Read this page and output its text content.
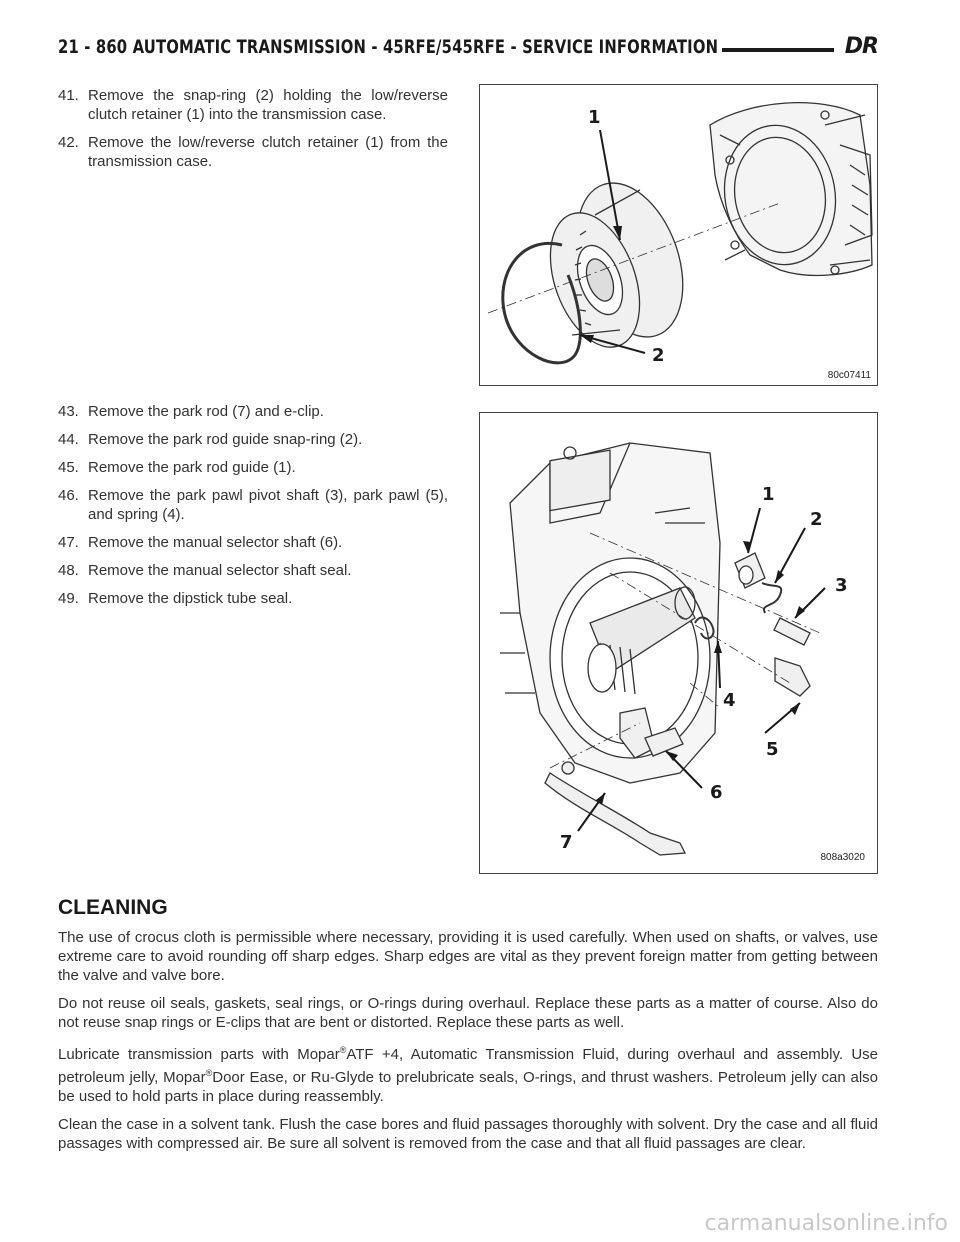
21 - 860 AUTOMATIC TRANSMISSION - 45RFE/545RFE - SERVICE INFORMATION	DR
41. Remove the snap-ring (2) holding the low/reverse clutch retainer (1) into the transmission case.
42. Remove the low/reverse clutch retainer (1) from the transmission case.
1
2
80c07411
43. Remove the park rod (7) and e-clip.
44. Remove the park rod guide snap-ring (2).
45. Remove the park rod guide (1).
46. Remove the park pawl pivot shaft (3), park pawl (5), and spring (4).
47. Remove the manual selector shaft (6).
48. Remove the manual selector shaft seal.
49. Remove the dipstick tube seal.
1
2
3
4
5
6
7
808a3020
CLEANING

The use of crocus cloth is permissible where necessary, providing it is used carefully. When used on shafts, or valves, use extreme care to avoid rounding off sharp edges. Sharp edges are vital as they prevent foreign matter from getting between the valve and valve bore.

Do not reuse oil seals, gaskets, seal rings, or O-rings during overhaul. Replace these parts as a matter of course. Also do not reuse snap rings or E-clips that are bent or distorted. Replace these parts as well.

Lubricate transmission parts with Mopar®ATF +4, Automatic Transmission Fluid, during overhaul and assembly. Use petroleum jelly, Mopar®Door Ease, or Ru-Glyde to prelubricate seals, O-rings, and thrust washers. Petroleum jelly can also be used to hold parts in place during reassembly.

Clean the case in a solvent tank. Flush the case bores and fluid passages thoroughly with solvent. Dry the case and all fluid passages with compressed air. Be sure all solvent is removed from the case and that all fluid passages are clear.

carmanualsonline.info
